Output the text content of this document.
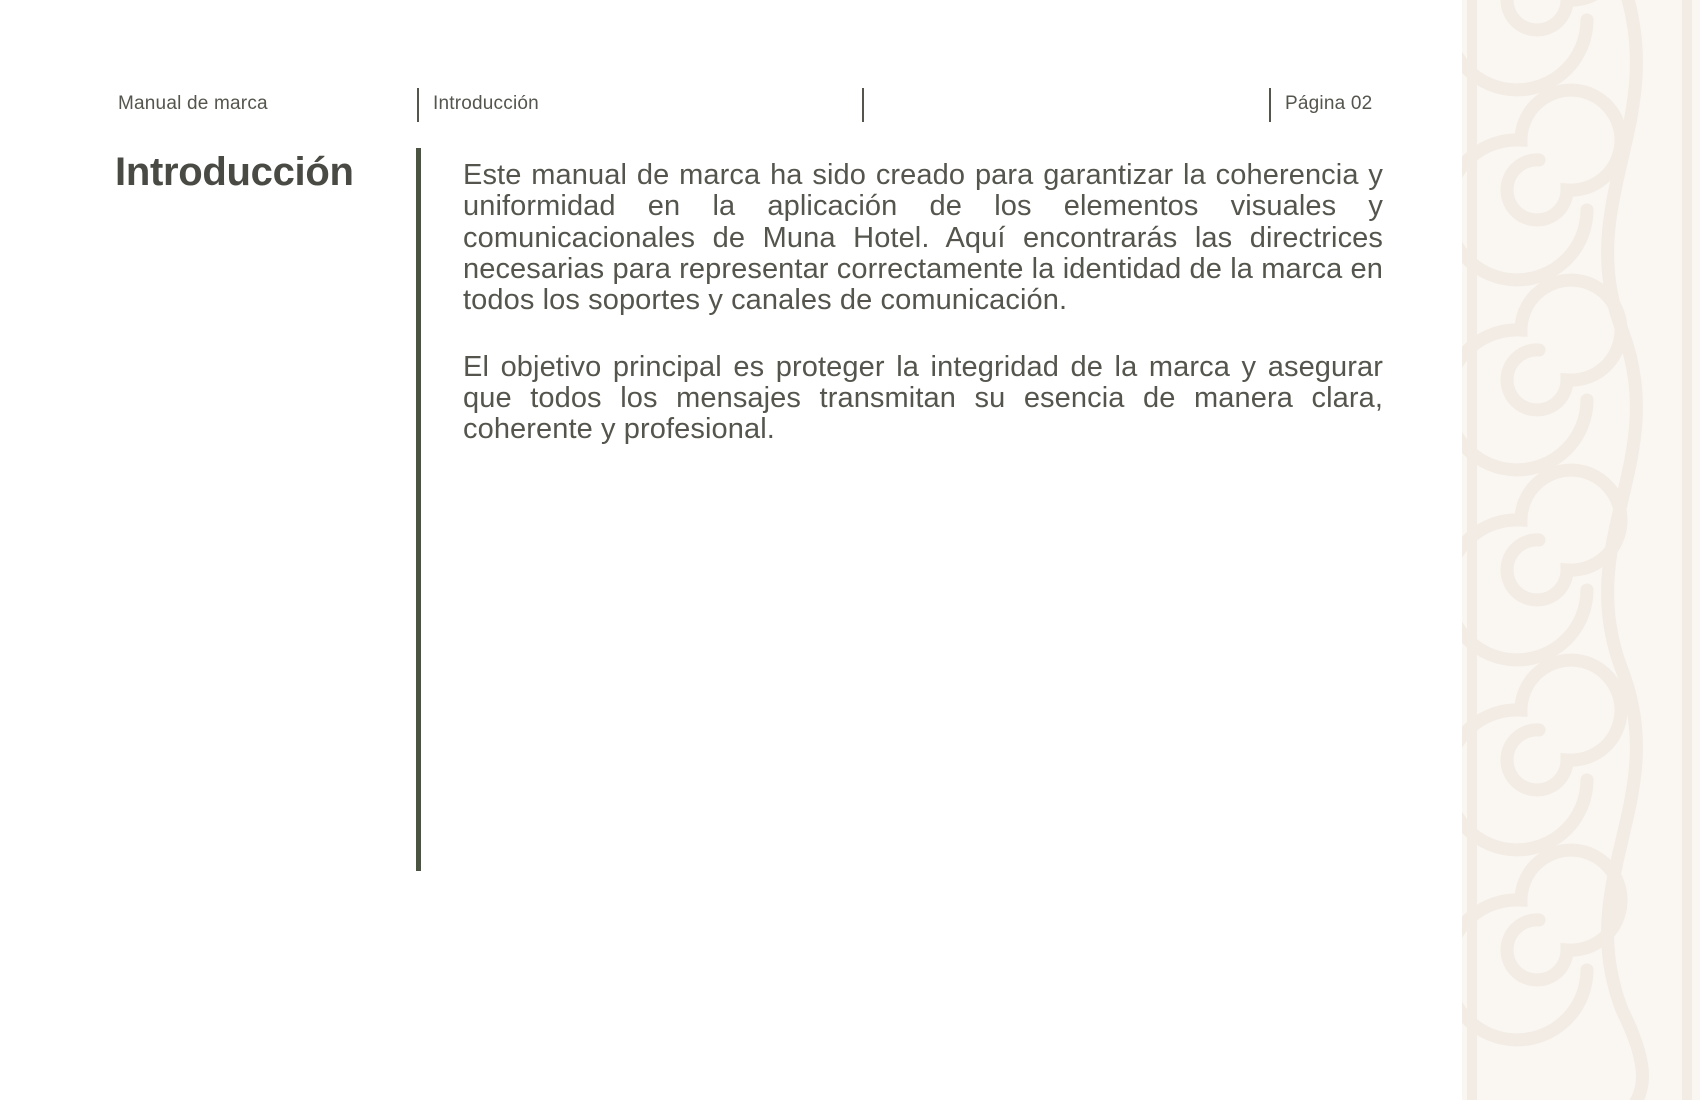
Manual de marca	Introducción	Página 02
Introducción	Este manual de marca ha sido creado para garantizar la coherencia y uniformidad en la aplicación de los elementos visuales y comunicacionales de Muna Hotel. Aquí encontrarás las directrices necesarias para representar correctamente la identidad de la marca en todos los soportes y canales de comunicación.

El objetivo principal es proteger la integridad de la marca y asegurar que todos los mensajes transmitan su esencia de manera clara, coherente y profesional.
